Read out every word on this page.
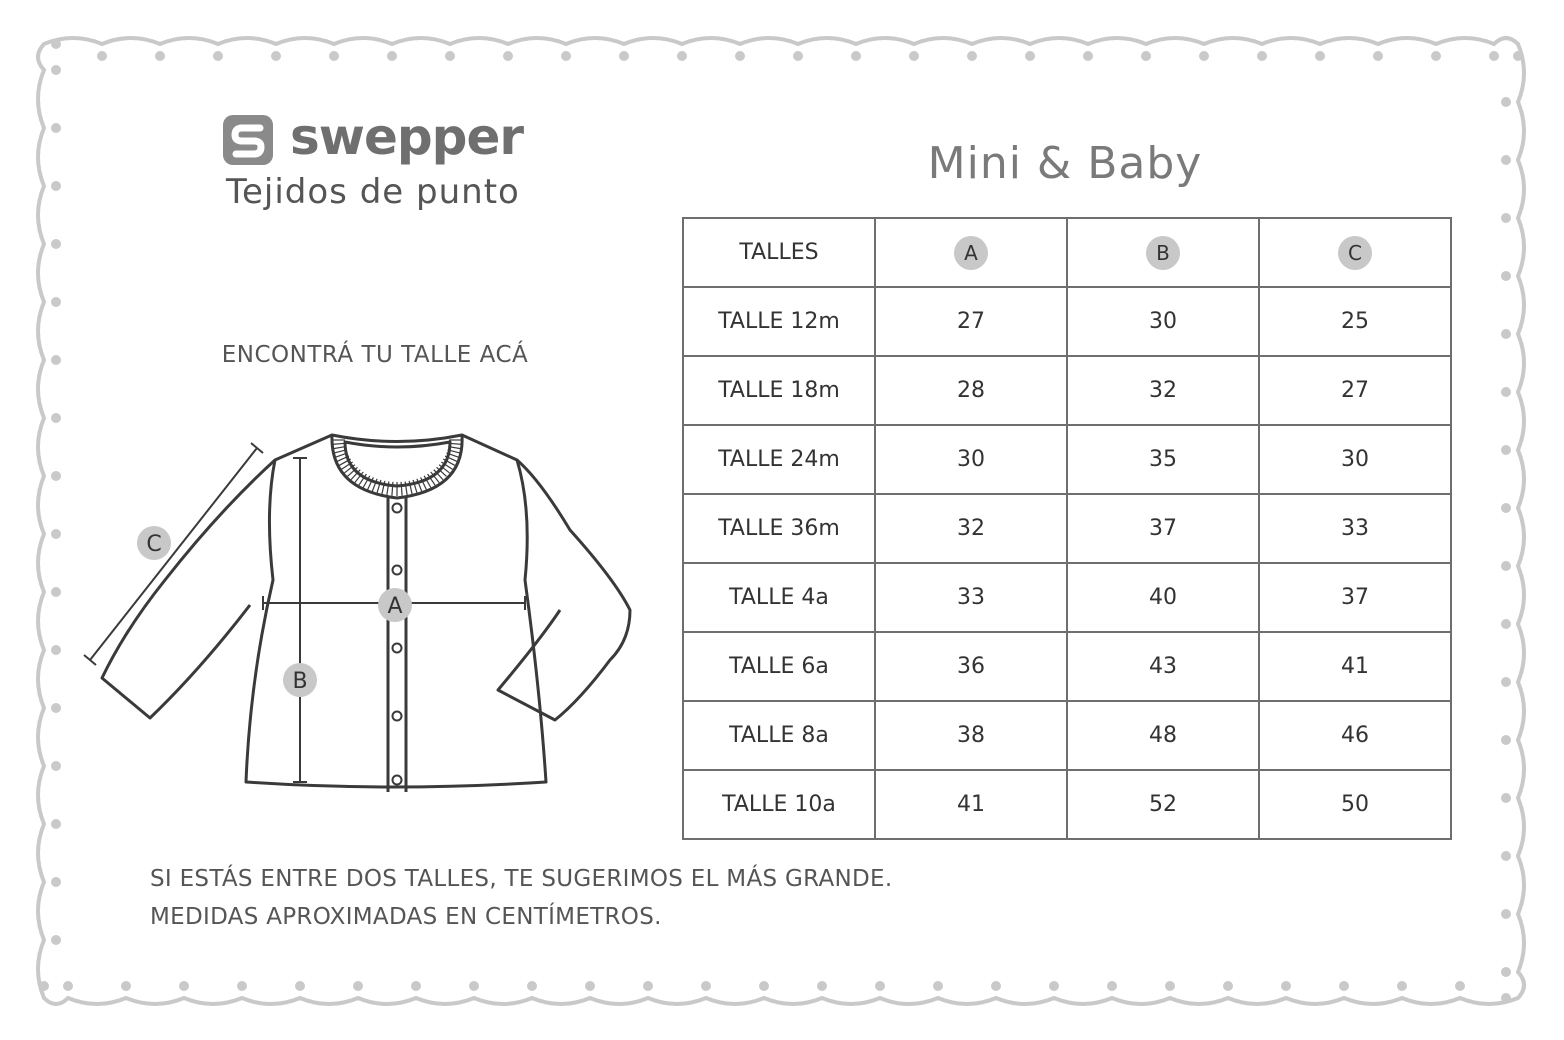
swepper
Tejidos de punto
Mini & Baby
ENCONTRÁ TU TALLE ACÁ
A
B
C
TALLES	A	B	C
TALLE 12m	27	30	25
TALLE 18m	28	32	27
TALLE 24m	30	35	30
TALLE 36m	32	37	33
TALLE 4a	33	40	37
TALLE 6a	36	43	41
TALLE 8a	38	48	46
TALLE 10a	41	52	50
SI ESTÁS ENTRE DOS TALLES, TE SUGERIMOS EL MÁS GRANDE.
MEDIDAS APROXIMADAS EN CENTÍMETROS.
